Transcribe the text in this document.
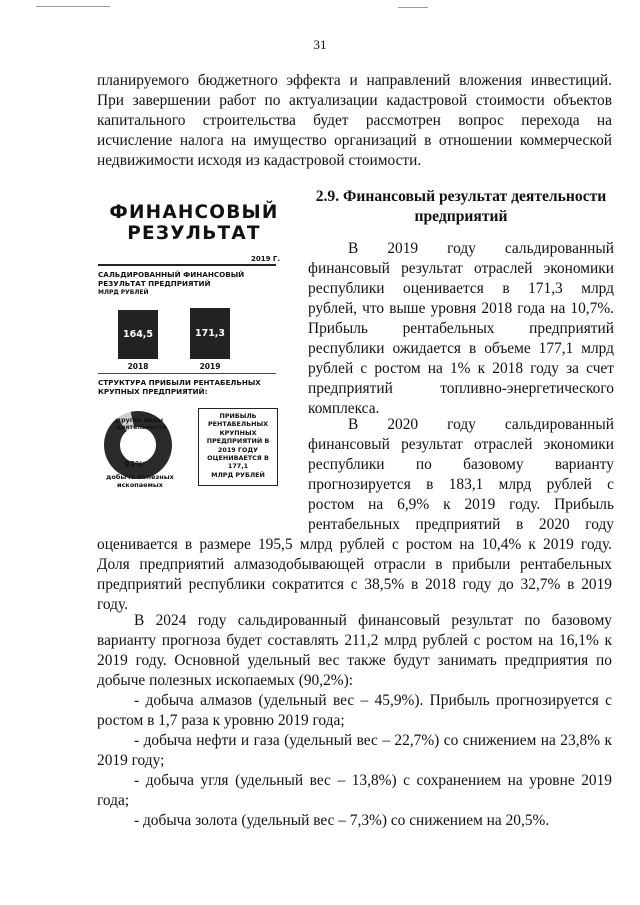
31
планируемого бюджетного эффекта и направлений вложения инвестиций.
При завершении работ по актуализации кадастровой стоимости объектов
капитального строительства будет рассмотрен вопрос перехода на
исчисление налога на имущество организаций в отношении коммерческой
недвижимости исходя из кадастровой стоимости.
2.9. Финансовый результат деятельности
предприятий
В 2019 году сальдированный
финансовый результат отраслей экономики
республики оценивается в 171,3 млрд
рублей, что выше уровня 2018 года на 10,7%.
Прибыль рентабельных предприятий
республики ожидается в объеме 177,1 млрд
рублей с ростом на 1% к 2018 году за счет
предприятий топливно-энергетического
комплекса.
В 2020 году сальдированный
финансовый результат отраслей экономики
республики по базовому варианту
прогнозируется в 183,1 млрд рублей с
ростом на 6,9% к 2019 году. Прибыль
рентабельных предприятий в 2020 году
оценивается в размере 195,5 млрд рублей с ростом на 10,4% к 2019 году.
Доля предприятий алмазодобывающей отрасли в прибыли рентабельных
предприятий республики сократится с 38,5% в 2018 году до 32,7% в 2019
году.
В 2024 году сальдированный финансовый результат по базовому
варианту прогноза будет составлять 211,2 млрд рублей с ростом на 16,1% к
2019 году. Основной удельный вес также будут занимать предприятия по
добыче полезных ископаемых (90,2%):
- добыча алмазов (удельный вес – 45,9%). Прибыль прогнозируется с
ростом в 1,7 раза к уровню 2019 года;
- добыча нефти и газа (удельный вес – 22,7%) со снижением на 23,8% к
2019 году;
- добыча угля (удельный вес – 13,8%) с сохранением на уровне 2019
года;
- добыча золота (удельный вес – 7,3%) со снижением на 20,5%.
ФИНАНСОВЫЙ
РЕЗУЛЬТАТ
2019 Г.
САЛЬДИРОВАННЫЙ ФИНАНСОВЫЙ РЕЗУЛЬТАТ ПРЕДПРИЯТИЙ
МЛРД РУБЛЕЙ
164,5
2018
171,3
2019
СТРУКТУРА ПРИБЫЛИ РЕНТАБЕЛЬНЫХ КРУПНЫХ ПРЕДПРИЯТИЙ:
другие виды деятельности
93%
добыча полезных ископаемых
ПРИБЫЛЬ
РЕНТАБЕЛЬНЫХ
КРУПНЫХ
ПРЕДПРИЯТИЙ В
2019 ГОДУ
ОЦЕНИВАЕТСЯ В 177,1
МЛРД РУБЛЕЙ
